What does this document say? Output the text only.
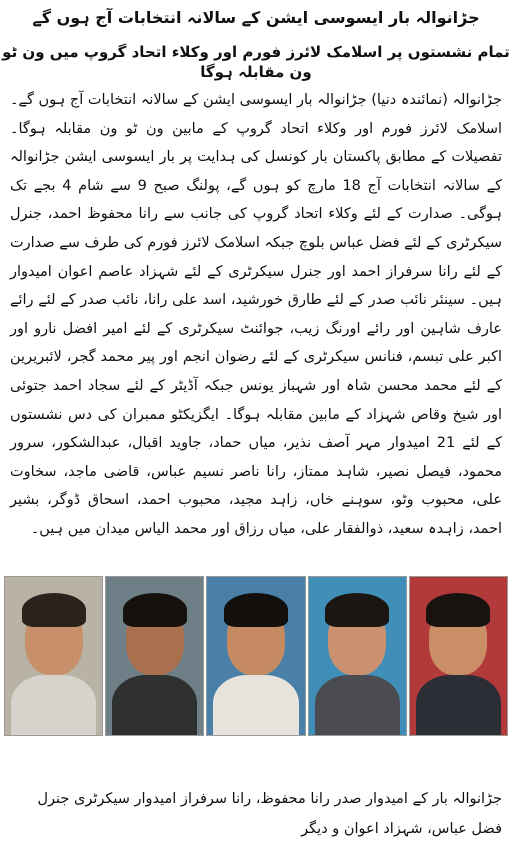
جڑانوالہ بار ایسوسی ایشن کے سالانہ انتخابات آج ہوں گے
تمام نشستوں پر اسلامک لائرز فورم اور وکلاء اتحاد گروپ میں ون ٹو ون مقابلہ ہوگا
جڑانوالہ (نمائندہ دنیا) جڑانوالہ بار ایسوسی ایشن کے سالانہ انتخابات آج ہوں گے۔ اسلامک لائرز فورم اور وکلاء اتحاد گروپ کے مابین ون ٹو ون مقابلہ ہوگا۔ تفصیلات کے مطابق پاکستان بار کونسل کی ہدایت پر بار ایسوسی ایشن جڑانوالہ کے سالانہ انتخابات آج 18 مارچ کو ہوں گے، پولنگ صبح 9 سے شام 4 بجے تک ہوگی۔ صدارت کے لئے وکلاء اتحاد گروپ کی جانب سے رانا محفوظ احمد، جنرل سیکرٹری کے لئے فضل عباس بلوچ جبکہ اسلامک لائرز فورم کی طرف سے صدارت کے لئے رانا سرفراز احمد اور جنرل سیکرٹری کے لئے شہزاد عاصم اعوان امیدوار ہیں۔ سینئر نائب صدر کے لئے طارق خورشید، اسد علی رانا، نائب صدر کے لئے رائے عارف شاہین اور رائے اورنگ زیب، جوائنٹ سیکرٹری کے لئے امیر افضل نارو اور اکبر علی تبسم، فنانس سیکرٹری کے لئے رضوان انجم اور پیر محمد گجر، لائبریرین کے لئے محمد محسن شاہ اور شہباز یونس جبکہ آڈیٹر کے لئے سجاد احمد جتوئی اور شیخ وقاص شہزاد کے مابین مقابلہ ہوگا۔ ایگزیکٹو ممبران کی دس نشستوں کے لئے 21 امیدوار مہر آصف نذیر، میاں حماد، جاوید اقبال، عبدالشکور، سرور محمود، فیصل نصیر، شاہد ممتاز، رانا ناصر نسیم عباس، قاضی ماجد، سخاوت علی، محبوب وٹو، سوہنے خاں، زاہد مجید، محبوب احمد، اسحاق ڈوگر، بشیر احمد، زاہدہ سعید، ذوالفقار علی، میاں رزاق اور محمد الیاس میدان میں ہیں۔
جڑانوالہ بار کے امیدوار صدر رانا محفوظ، رانا سرفراز امیدوار سیکرٹری جنرل فضل عباس، شہزاد اعوان و دیگر
